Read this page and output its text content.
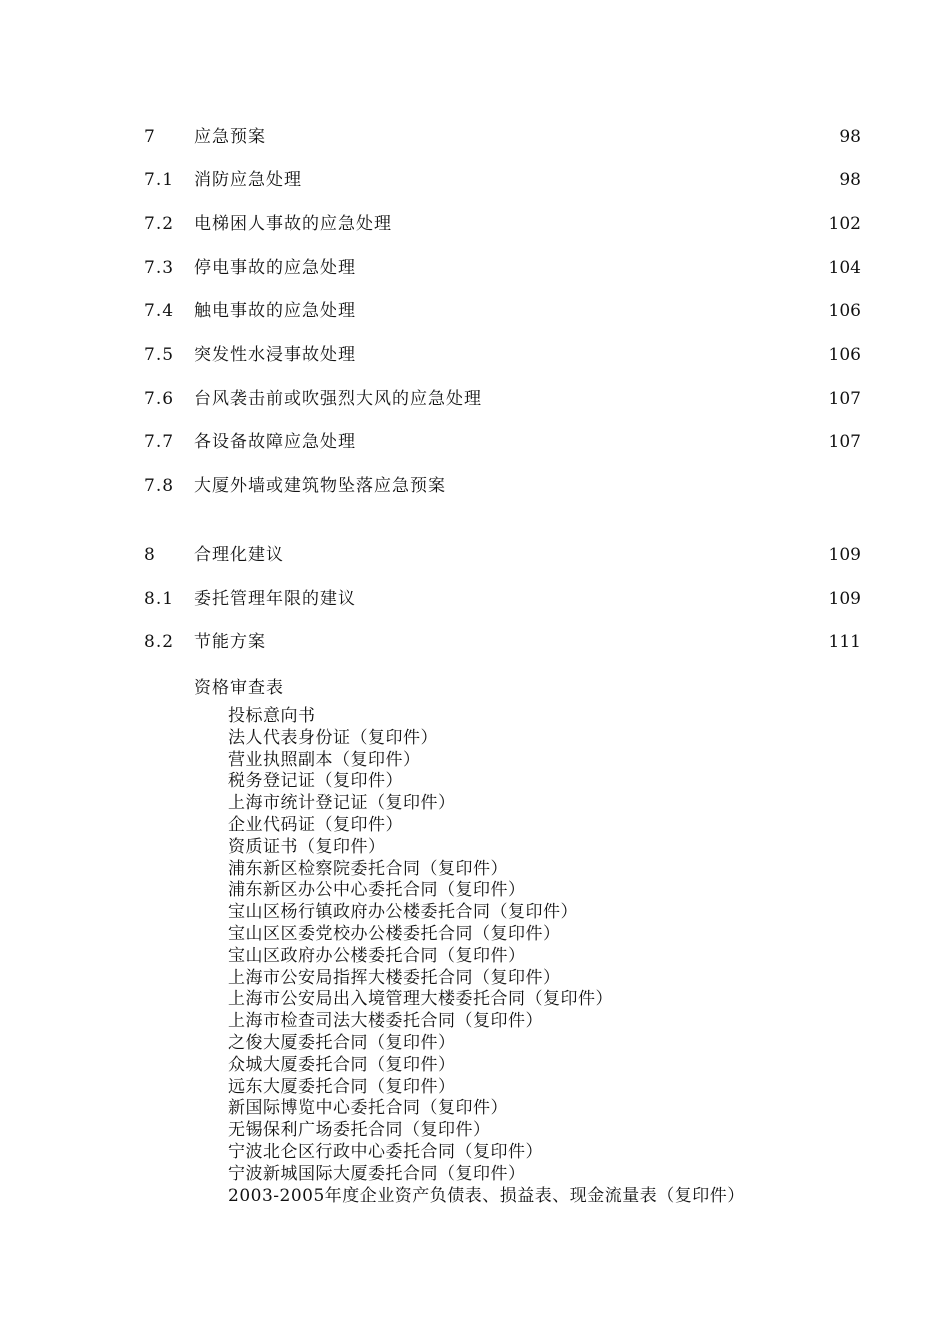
7 应急预案	98
7.1 消防应急处理	98
7.2 电梯困人事故的应急处理	102
7.3 停电事故的应急处理	104
7.4 触电事故的应急处理	106
7.5 突发性水浸事故处理	106
7.6 台风袭击前或吹强烈大风的应急处理	107
7.7 各设备故障应急处理	107
7.8 大厦外墙或建筑物坠落应急预案
8 合理化建议	109
8.1 委托管理年限的建议	109
8.2 节能方案	111
资格审查表
投标意向书
法人代表身份证（复印件）
营业执照副本（复印件）
税务登记证（复印件）
上海市统计登记证（复印件）
企业代码证（复印件）
资质证书（复印件）
浦东新区检察院委托合同（复印件）
浦东新区办公中心委托合同（复印件）
宝山区杨行镇政府办公楼委托合同（复印件）
宝山区区委党校办公楼委托合同（复印件）
宝山区政府办公楼委托合同（复印件）
上海市公安局指挥大楼委托合同（复印件）
上海市公安局出入境管理大楼委托合同（复印件）
上海市检查司法大楼委托合同（复印件）
之俊大厦委托合同（复印件）
众城大厦委托合同（复印件）
远东大厦委托合同（复印件）
新国际博览中心委托合同（复印件）
无锡保利广场委托合同（复印件）
宁波北仑区行政中心委托合同（复印件）
宁波新城国际大厦委托合同（复印件）
2003-2005年度企业资产负债表、损益表、现金流量表（复印件）
